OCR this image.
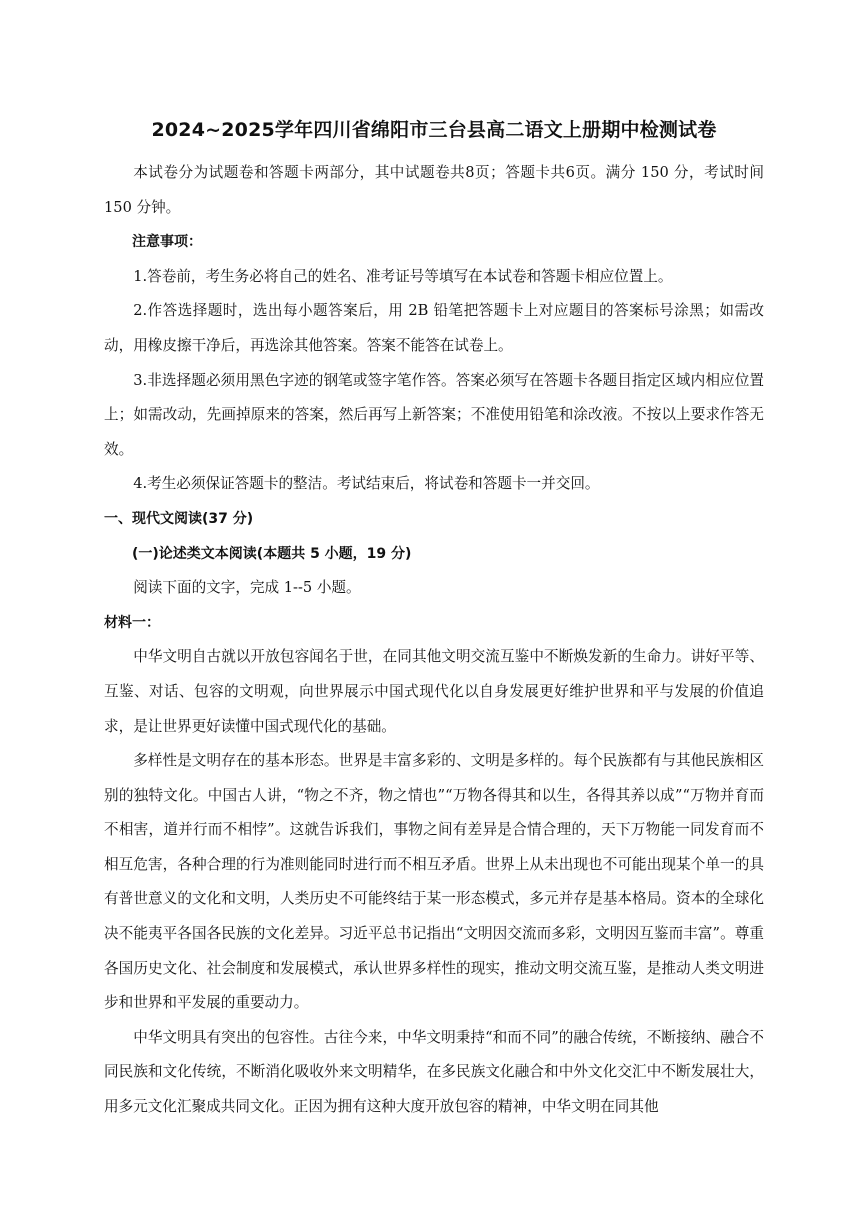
2024~2025学年四川省绵阳市三台县高二语文上册期中检测试卷

本试卷分为试题卷和答题卡两部分，其中试题卷共8页；答题卡共6页。满分 150 分，考试时间 150 分钟。

注意事项：

1.答卷前，考生务必将自己的姓名、准考证号等填写在本试卷和答题卡相应位置上。

2.作答选择题时，选出每小题答案后，用 2B 铅笔把答题卡上对应题目的答案标号涂黑；如需改动，用橡皮擦干净后，再选涂其他答案。答案不能答在试卷上。

3.非选择题必须用黑色字迹的钢笔或签字笔作答。答案必须写在答题卡各题目指定区域内相应位置上；如需改动，先画掉原来的答案，然后再写上新答案；不准使用铅笔和涂改液。不按以上要求作答无效。

4.考生必须保证答题卡的整洁。考试结束后，将试卷和答题卡一并交回。

一、现代文阅读(37 分)

(一)论述类文本阅读(本题共 5 小题，19 分)

阅读下面的文字，完成 1--5 小题。

材料一：

中华文明自古就以开放包容闻名于世，在同其他文明交流互鉴中不断焕发新的生命力。讲好平等、互鉴、对话、包容的文明观，向世界展示中国式现代化以自身发展更好维护世界和平与发展的价值追求，是让世界更好读懂中国式现代化的基础。

多样性是文明存在的基本形态。世界是丰富多彩的、文明是多样的。每个民族都有与其他民族相区别的独特文化。中国古人讲，“物之不齐，物之情也”“万物各得其和以生，各得其养以成”“万物并育而不相害，道并行而不相悖”。这就告诉我们，事物之间有差异是合情合理的，天下万物能一同发育而不相互危害，各种合理的行为准则能同时进行而不相互矛盾。世界上从未出现也不可能出现某个单一的具有普世意义的文化和文明，人类历史不可能终结于某一形态模式，多元并存是基本格局。资本的全球化决不能夷平各国各民族的文化差异。习近平总书记指出“文明因交流而多彩，文明因互鉴而丰富”。尊重各国历史文化、社会制度和发展模式，承认世界多样性的现实，推动文明交流互鉴，是推动人类文明进步和世界和平发展的重要动力。

中华文明具有突出的包容性。古往今来，中华文明秉持“和而不同”的融合传统，不断接纳、融合不同民族和文化传统，不断消化吸收外来文明精华，在多民族文化融合和中外文化交汇中不断发展壮大，用多元文化汇聚成共同文化。正因为拥有这种大度开放包容的精神，中华文明在同其他
